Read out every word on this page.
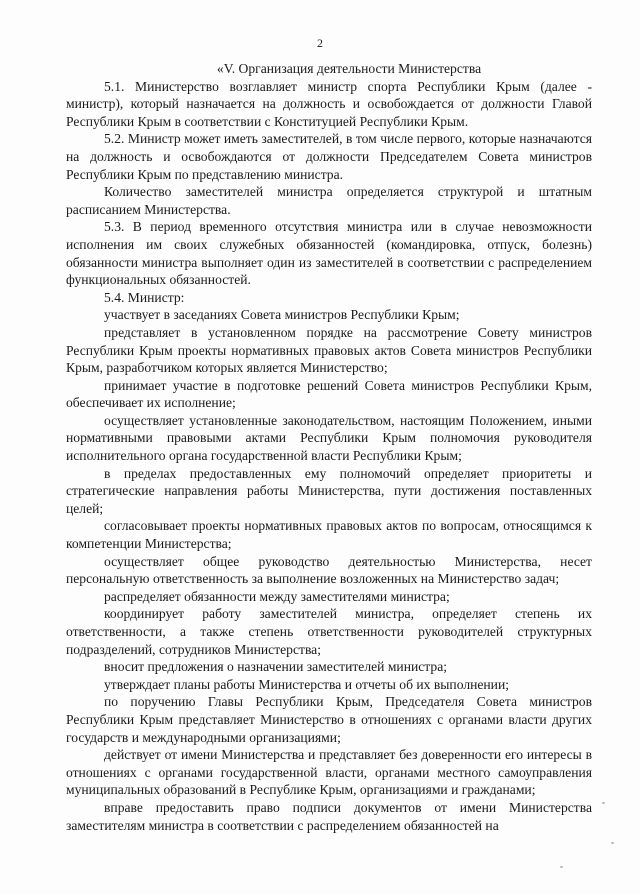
2
«V. Организация деятельности Министерства
5.1. Министерство возглавляет министр спорта Республики Крым (далее - министр), который назначается на должность и освобождается от должности Главой Республики Крым в соответствии с Конституцией Республики Крым.
5.2. Министр может иметь заместителей, в том числе первого, которые назначаются на должность и освобождаются от должности Председателем Совета министров Республики Крым по представлению министра.
Количество заместителей министра определяется структурой и штатным расписанием Министерства.
5.3. В период временного отсутствия министра или в случае невозможности исполнения им своих служебных обязанностей (командировка, отпуск, болезнь) обязанности министра выполняет один из заместителей в соответствии с распределением функциональных обязанностей.
5.4. Министр:
участвует в заседаниях Совета министров Республики Крым;
представляет в установленном порядке на рассмотрение Совету министров Республики Крым проекты нормативных правовых актов Совета министров Республики Крым, разработчиком которых является Министерство;
принимает участие в подготовке решений Совета министров Республики Крым, обеспечивает их исполнение;
осуществляет установленные законодательством, настоящим Положением, иными нормативными правовыми актами Республики Крым полномочия руководителя исполнительного органа государственной власти Республики Крым;
в пределах предоставленных ему полномочий определяет приоритеты и стратегические направления работы Министерства, пути достижения поставленных целей;
согласовывает проекты нормативных правовых актов по вопросам, относящимся к компетенции Министерства;
осуществляет общее руководство деятельностью Министерства, несет персональную ответственность за выполнение возложенных на Министерство задач;
распределяет обязанности между заместителями министра;
координирует работу заместителей министра, определяет степень их ответственности, а также степень ответственности руководителей структурных подразделений, сотрудников Министерства;
вносит предложения о назначении заместителей министра;
утверждает планы работы Министерства и отчеты об их выполнении;
по поручению Главы Республики Крым, Председателя Совета министров Республики Крым представляет Министерство в отношениях с органами власти других государств и международными организациями;
действует от имени Министерства и представляет без доверенности его интересы в отношениях с органами государственной власти, органами местного самоуправления муниципальных образований в Республике Крым, организациями и гражданами;
вправе предоставить право подписи документов от имени Министерства заместителям министра в соответствии с распределением обязанностей на
